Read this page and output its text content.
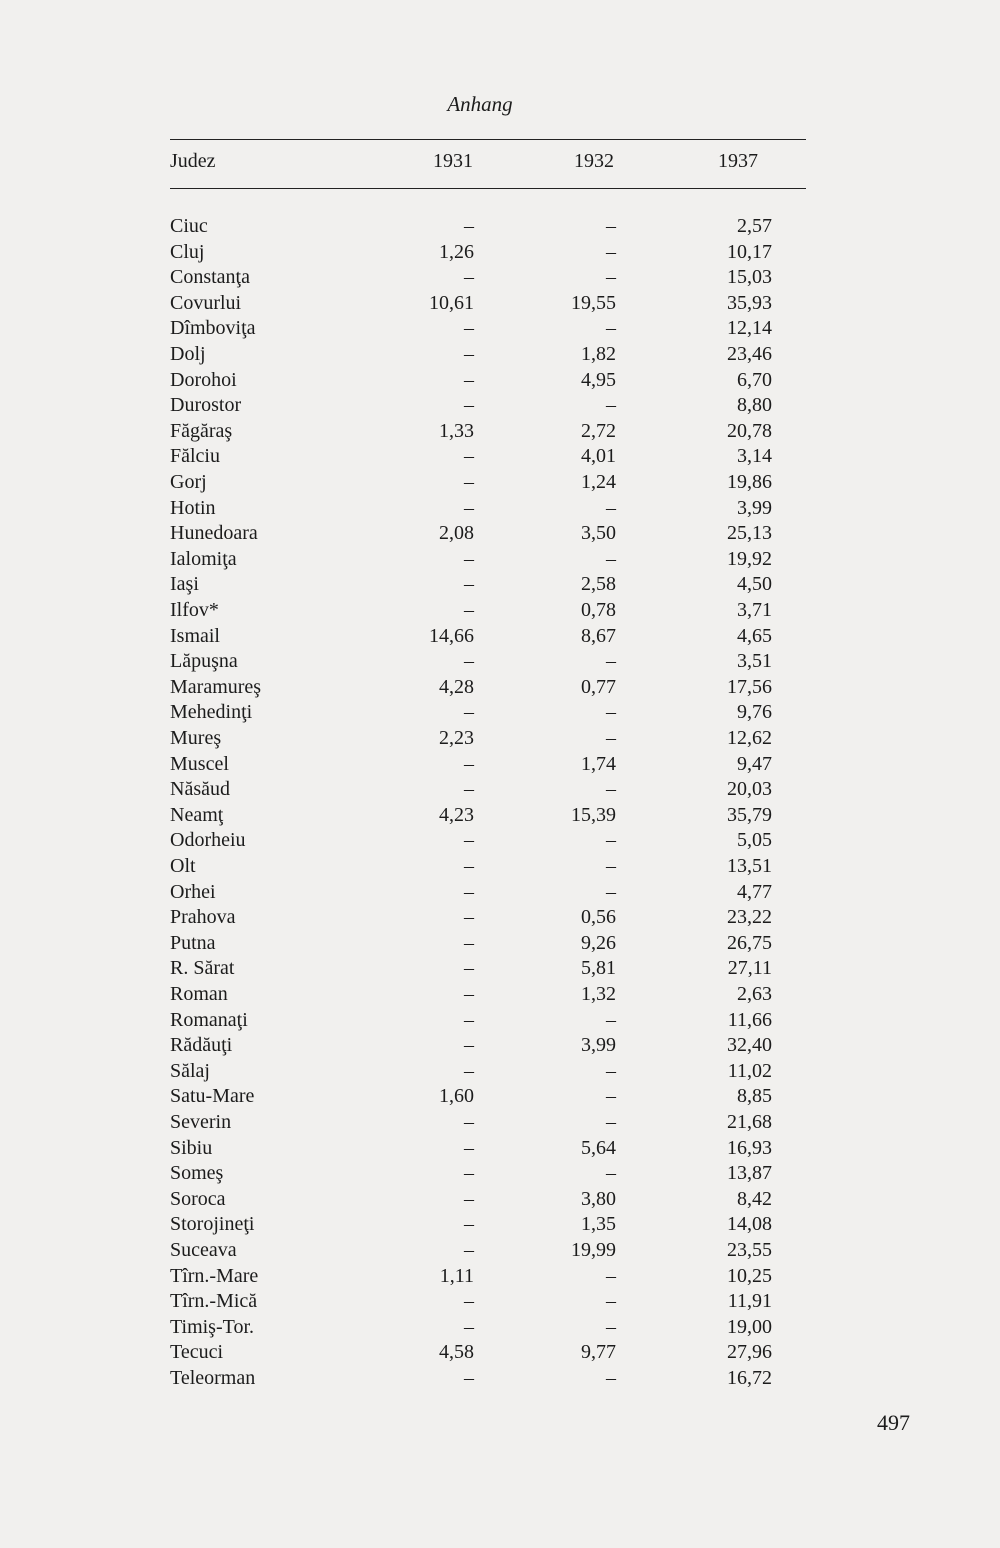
Anhang
Judez	1931	1932	1937
Ciuc	–	–	2,57
Cluj	1,26	–	10,17
Constanţa	–	–	15,03
Covurlui	10,61	19,55	35,93
Dîmboviţa	–	–	12,14
Dolj	–	1,82	23,46
Dorohoi	–	4,95	6,70
Durostor	–	–	8,80
Făgăraş	1,33	2,72	20,78
Fălciu	–	4,01	3,14
Gorj	–	1,24	19,86
Hotin	–	–	3,99
Hunedoara	2,08	3,50	25,13
Ialomiţa	–	–	19,92
Iaşi	–	2,58	4,50
Ilfov*	–	0,78	3,71
Ismail	14,66	8,67	4,65
Lăpuşna	–	–	3,51
Maramureş	4,28	0,77	17,56
Mehedinţi	–	–	9,76
Mureş	2,23	–	12,62
Muscel	–	1,74	9,47
Năsăud	–	–	20,03
Neamţ	4,23	15,39	35,79
Odorheiu	–	–	5,05
Olt	–	–	13,51
Orhei	–	–	4,77
Prahova	–	0,56	23,22
Putna	–	9,26	26,75
R. Sărat	–	5,81	27,11
Roman	–	1,32	2,63
Romanaţi	–	–	11,66
Rădăuţi	–	3,99	32,40
Sălaj	–	–	11,02
Satu-Mare	1,60	–	8,85
Severin	–	–	21,68
Sibiu	–	5,64	16,93
Someş	–	–	13,87
Soroca	–	3,80	8,42
Storojineţi	–	1,35	14,08
Suceava	–	19,99	23,55
Tîrn.-Mare	1,11	–	10,25
Tîrn.-Mică	–	–	11,91
Timiş-Tor.	–	–	19,00
Tecuci	4,58	9,77	27,96
Teleorman	–	–	16,72
497
